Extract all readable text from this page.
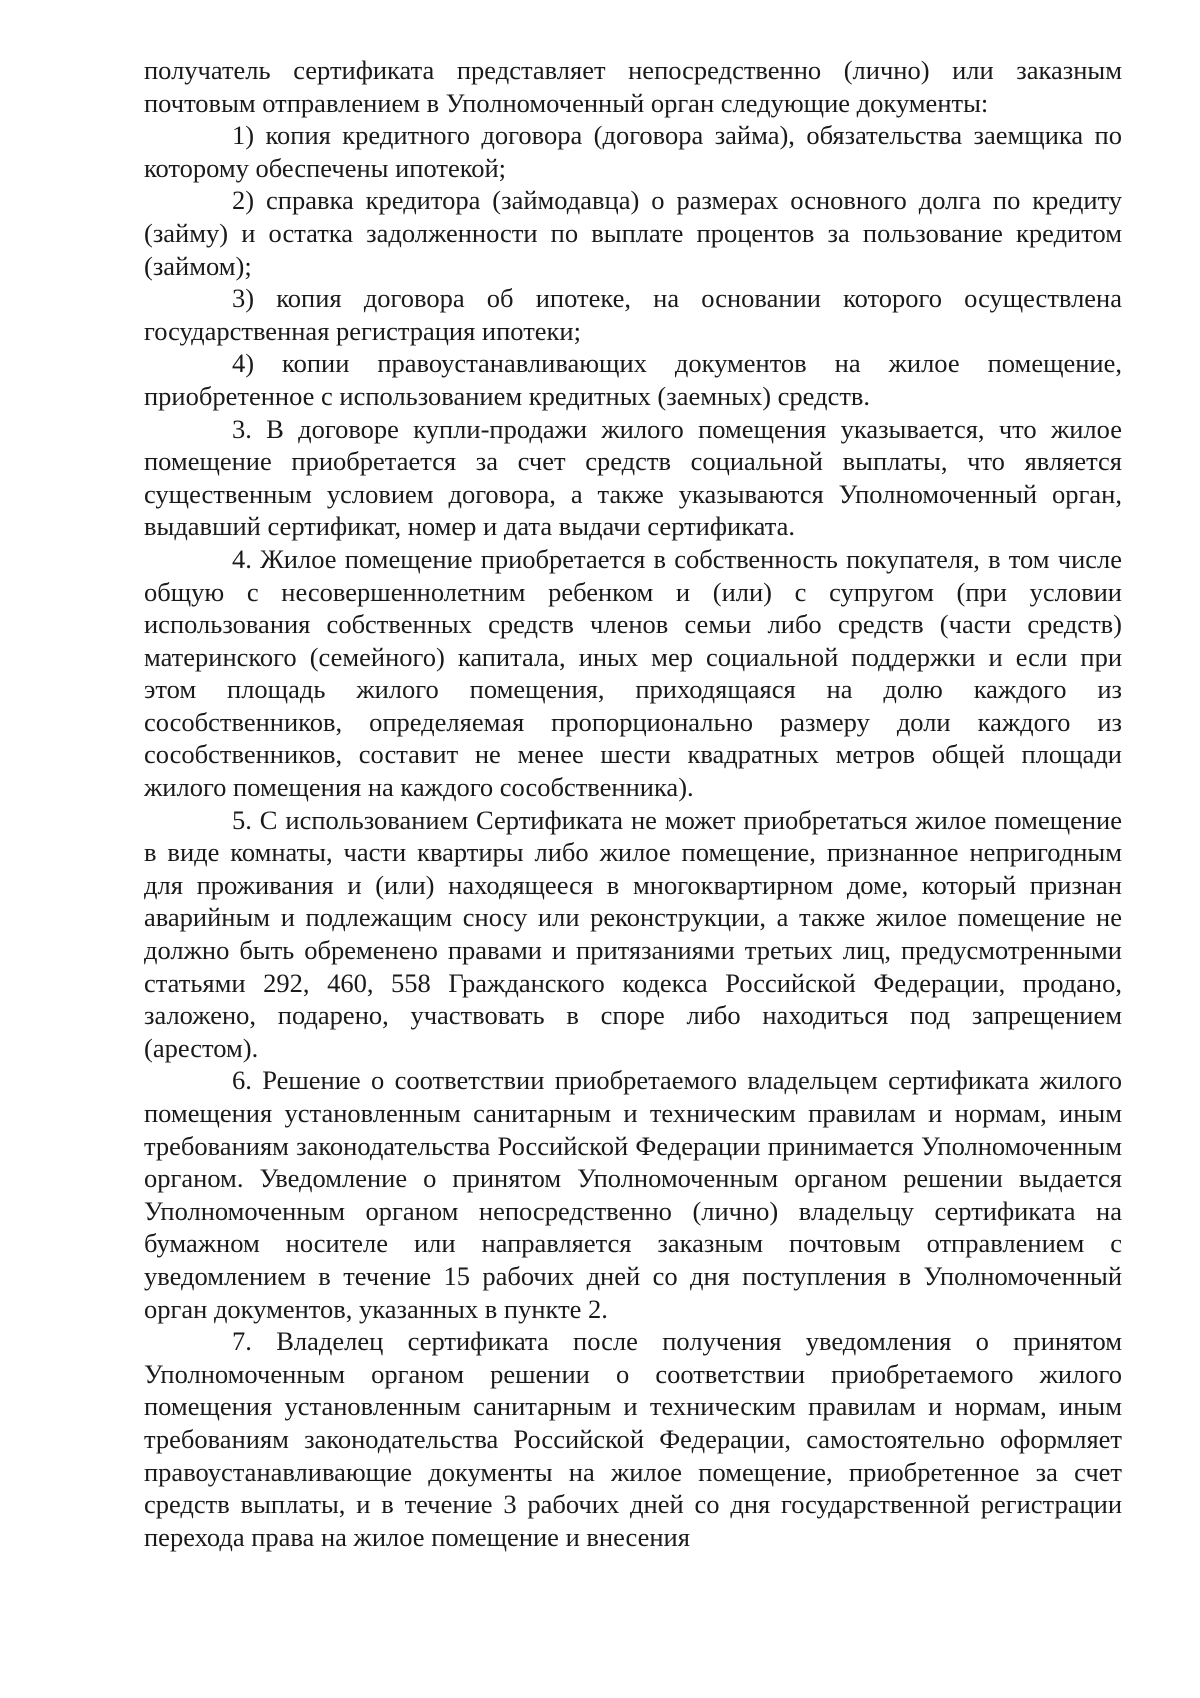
получатель сертификата представляет непосредственно (лично) или заказным почтовым отправлением в Уполномоченный орган следующие документы:

1) копия кредитного договора (договора займа), обязательства заемщика по которому обеспечены ипотекой;

2) справка кредитора (займодавца) о размерах основного долга по кредиту (займу) и остатка задолженности по выплате процентов за пользование кредитом (займом);

3) копия договора об ипотеке, на основании которого осуществлена государственная регистрация ипотеки;

4) копии правоустанавливающих документов на жилое помещение, приобретенное с использованием кредитных (заемных) средств.

3. В договоре купли-продажи жилого помещения указывается, что жилое помещение приобретается за счет средств социальной выплаты, что является существенным условием договора, а также указываются Уполномоченный орган, выдавший сертификат, номер и дата выдачи сертификата.

4. Жилое помещение приобретается в собственность покупателя, в том числе общую с несовершеннолетним ребенком и (или) с супругом (при условии использования собственных средств членов семьи либо средств (части средств) материнского (семейного) капитала, иных мер социальной поддержки и если при этом площадь жилого помещения, приходящаяся на долю каждого из сособственников, определяемая пропорционально размеру доли каждого из сособственников, составит не менее шести квадратных метров общей площади жилого помещения на каждого сособственника).

5. С использованием Сертификата не может приобретаться жилое помещение в виде комнаты, части квартиры либо жилое помещение, признанное непригодным для проживания и (или) находящееся в многоквартирном доме, который признан аварийным и подлежащим сносу или реконструкции, а также жилое помещение не должно быть обременено правами и притязаниями третьих лиц, предусмотренными статьями 292, 460, 558 Гражданского кодекса Российской Федерации, продано, заложено, подарено, участвовать в споре либо находиться под запрещением (арестом).

6. Решение о соответствии приобретаемого владельцем сертификата жилого помещения установленным санитарным и техническим правилам и нормам, иным требованиям законодательства Российской Федерации принимается Уполномоченным органом. Уведомление о принятом Уполномоченным органом решении выдается Уполномоченным органом непосредственно (лично) владельцу сертификата на бумажном носителе или направляется заказным почтовым отправлением с уведомлением в течение 15 рабочих дней со дня поступления в Уполномоченный орган документов, указанных в пункте 2.

7. Владелец сертификата после получения уведомления о принятом Уполномоченным органом решении о соответствии приобретаемого жилого помещения установленным санитарным и техническим правилам и нормам, иным требованиям законодательства Российской Федерации, самостоятельно оформляет правоустанавливающие документы на жилое помещение, приобретенное за счет средств выплаты, и в течение 3 рабочих дней со дня государственной регистрации перехода права на жилое помещение и внесения
